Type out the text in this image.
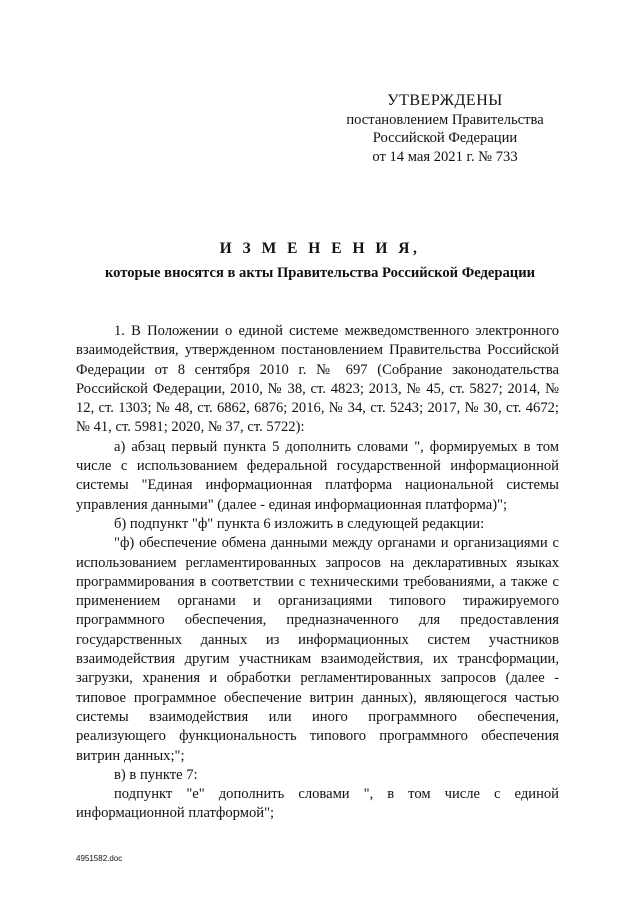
УТВЕРЖДЕНЫ
постановлением Правительства
Российской Федерации
от 14 мая 2021 г. № 733
И З М Е Н Е Н И Я,
которые вносятся в акты Правительства Российской Федерации

1. В Положении о единой системе межведомственного электронного взаимодействия, утвержденном постановлением Правительства Российской Федерации от 8 сентября 2010 г. № 697 (Собрание законодательства Российской Федерации, 2010, № 38, ст. 4823; 2013, № 45, ст. 5827; 2014, № 12, ст. 1303; № 48, ст. 6862, 6876; 2016, № 34, ст. 5243; 2017, № 30, ст. 4672; № 41, ст. 5981; 2020, № 37, ст. 5722):

а) абзац первый пункта 5 дополнить словами ", формируемых в том числе с использованием федеральной государственной информационной системы "Единая информационная платформа национальной системы управления данными" (далее - единая информационная платформа)";

б) подпункт "ф" пункта 6 изложить в следующей редакции:

"ф) обеспечение обмена данными между органами и организациями с использованием регламентированных запросов на декларативных языках программирования в соответствии с техническими требованиями, а также с применением органами и организациями типового тиражируемого программного обеспечения, предназначенного для предоставления государственных данных из информационных систем участников взаимодействия другим участникам взаимодействия, их трансформации, загрузки, хранения и обработки регламентированных запросов (далее - типовое программное обеспечение витрин данных), являющегося частью системы взаимодействия или иного программного обеспечения, реализующего функциональность типового программного обеспечения витрин данных;";

в) в пункте 7:

подпункт "е" дополнить словами ", в том числе с единой информационной платформой";

4951582.doc
